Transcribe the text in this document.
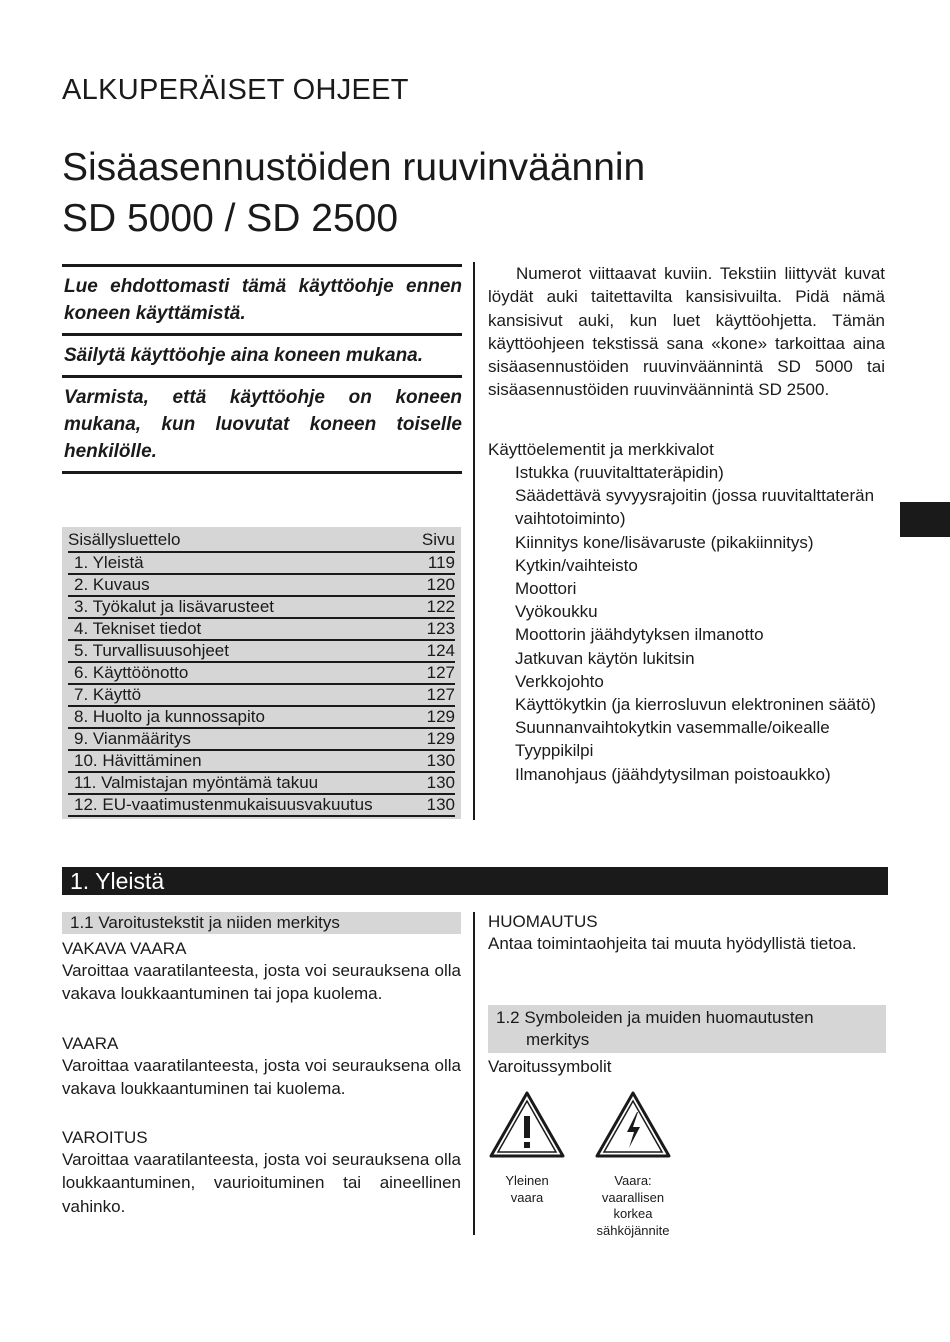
ALKUPERÄISET OHJEET
Sisäasennustöiden ruuvinväännin
SD 5000 / SD 2500
Lue ehdottomasti tämä käyttöohje ennen koneen käyttämistä.
Säilytä käyttöohje aina koneen mukana.
Varmista, että käyttöohje on koneen mukana, kun luovutat koneen toiselle henkilölle.
Sisällysluettelo	Sivu
1. Yleistä	119
2. Kuvaus	120
3. Työkalut ja lisävarusteet	122
4. Tekniset tiedot	123
5. Turvallisuusohjeet	124
6. Käyttöönotto	127
7. Käyttö	127
8. Huolto ja kunnossapito	129
9. Vianmääritys	129
10. Hävittäminen	130
11. Valmistajan myöntämä takuu	130
12. EU-vaatimustenmukaisuusvakuutus	130

Numerot viittaavat kuviin. Tekstiin liittyvät kuvat löydät auki taitettavilta kansisivuilta. Pidä nämä kansisivut auki, kun luet käyttöohjetta. Tämän käyttöohjeen tekstissä sana «kone» tarkoittaa aina sisäasennustöiden ruuvinväännintä SD 5000 tai sisäasennustöiden ruuvinväännintä SD 2500.

Käyttöelementit ja merkkivalot
Istukka (ruuvitalttateräpidin)
Säädettävä syvyysrajoitin (jossa ruuvitalttaterän vaihtotoiminto)
Kiinnitys kone/lisävaruste (pikakiinnitys)
Kytkin/vaihteisto
Moottori
Vyökoukku
Moottorin jäähdytyksen ilmanotto
Jatkuvan käytön lukitsin
Verkkojohto
Käyttökytkin (ja kierrosluvun elektroninen säätö)
Suunnanvaihtokytkin vasemmalle/oikealle
Tyyppikilpi
Ilmanohjaus (jäähdytysilman poistoaukko)
1. Yleistä
1.1 Varoitustekstit ja niiden merkitys
VAKAVA VAARA

Varoittaa vaaratilanteesta, josta voi seurauksena olla vakava loukkaantuminen tai jopa kuolema.

VAARA

Varoittaa vaaratilanteesta, josta voi seurauksena olla vakava loukkaantuminen tai kuolema.

VAROITUS

Varoittaa vaaratilanteesta, josta voi seurauksena olla loukkaantuminen, vaurioituminen tai aineellinen vahinko.

HUOMAUTUS

Antaa toimintaohjeita tai muuta hyödyllistä tietoa.

1.2 Symboleiden ja muiden huomautusten
merkitys
Varoitussymbolit
Yleinen vaara
Vaara: vaarallisen korkea sähköjännite
